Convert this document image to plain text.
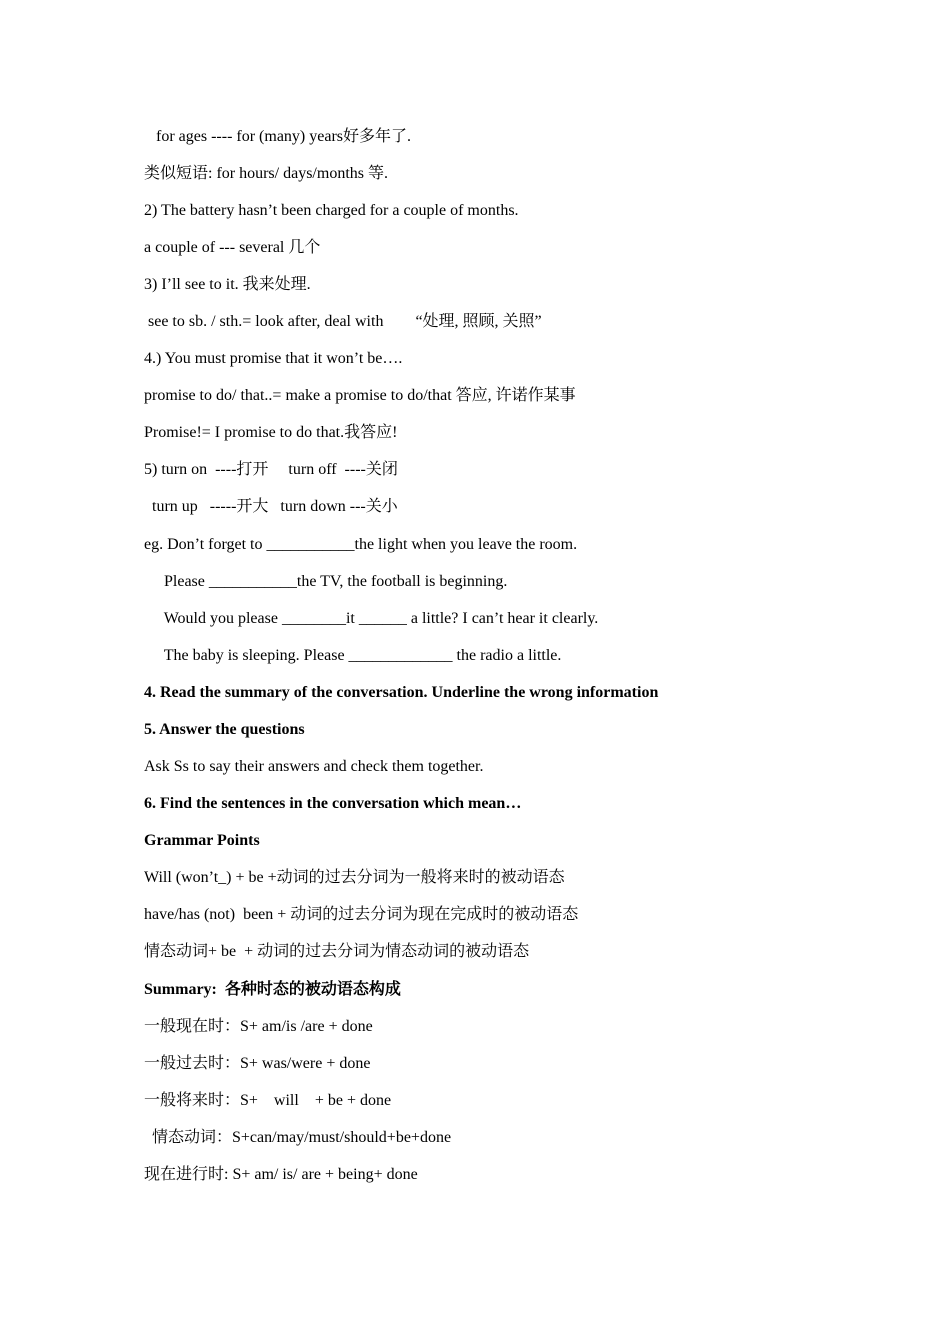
for ages ---- for (many) years好多年了.
类似短语: for hours/ days/months 等.
2) The battery hasn’t been charged for a couple of months.
a couple of --- several 几个
3) I’ll see to it. 我来处理.
see to sb. / sth.= look after, deal with        “处理, 照顾, 关照”
4.) You must promise that it won’t be….
promise to do/ that..= make a promise to do/that 答应, 许诺作某事
Promise!= I promise to do that.我答应!
5) turn on  ----打开     turn off  ----关闭
turn up   -----开大   turn down ---关小
eg. Don’t forget to ___________the light when you leave the room.
Please ___________the TV, the football is beginning.
Would you please ________it ______ a little? I can’t hear it clearly.
The baby is sleeping. Please _____________ the radio a little.
4. Read the summary of the conversation. Underline the wrong information
5. Answer the questions
Ask Ss to say their answers and check them together.
6. Find the sentences in the conversation which mean…
Grammar Points
Will (won’t_) + be +动词的过去分词为一般将来时的被动语态
have/has (not)  been + 动词的过去分词为现在完成时的被动语态
情态动词+ be  + 动词的过去分词为情态动词的被动语态
Summary:  各种时态的被动语态构成
一般现在时：S+ am/is /are + done
一般过去时：S+ was/were + done
一般将来时：S+    will    + be + done
情态动词：S+can/may/must/should+be+done
现在进行时: S+ am/ is/ are + being+ done
